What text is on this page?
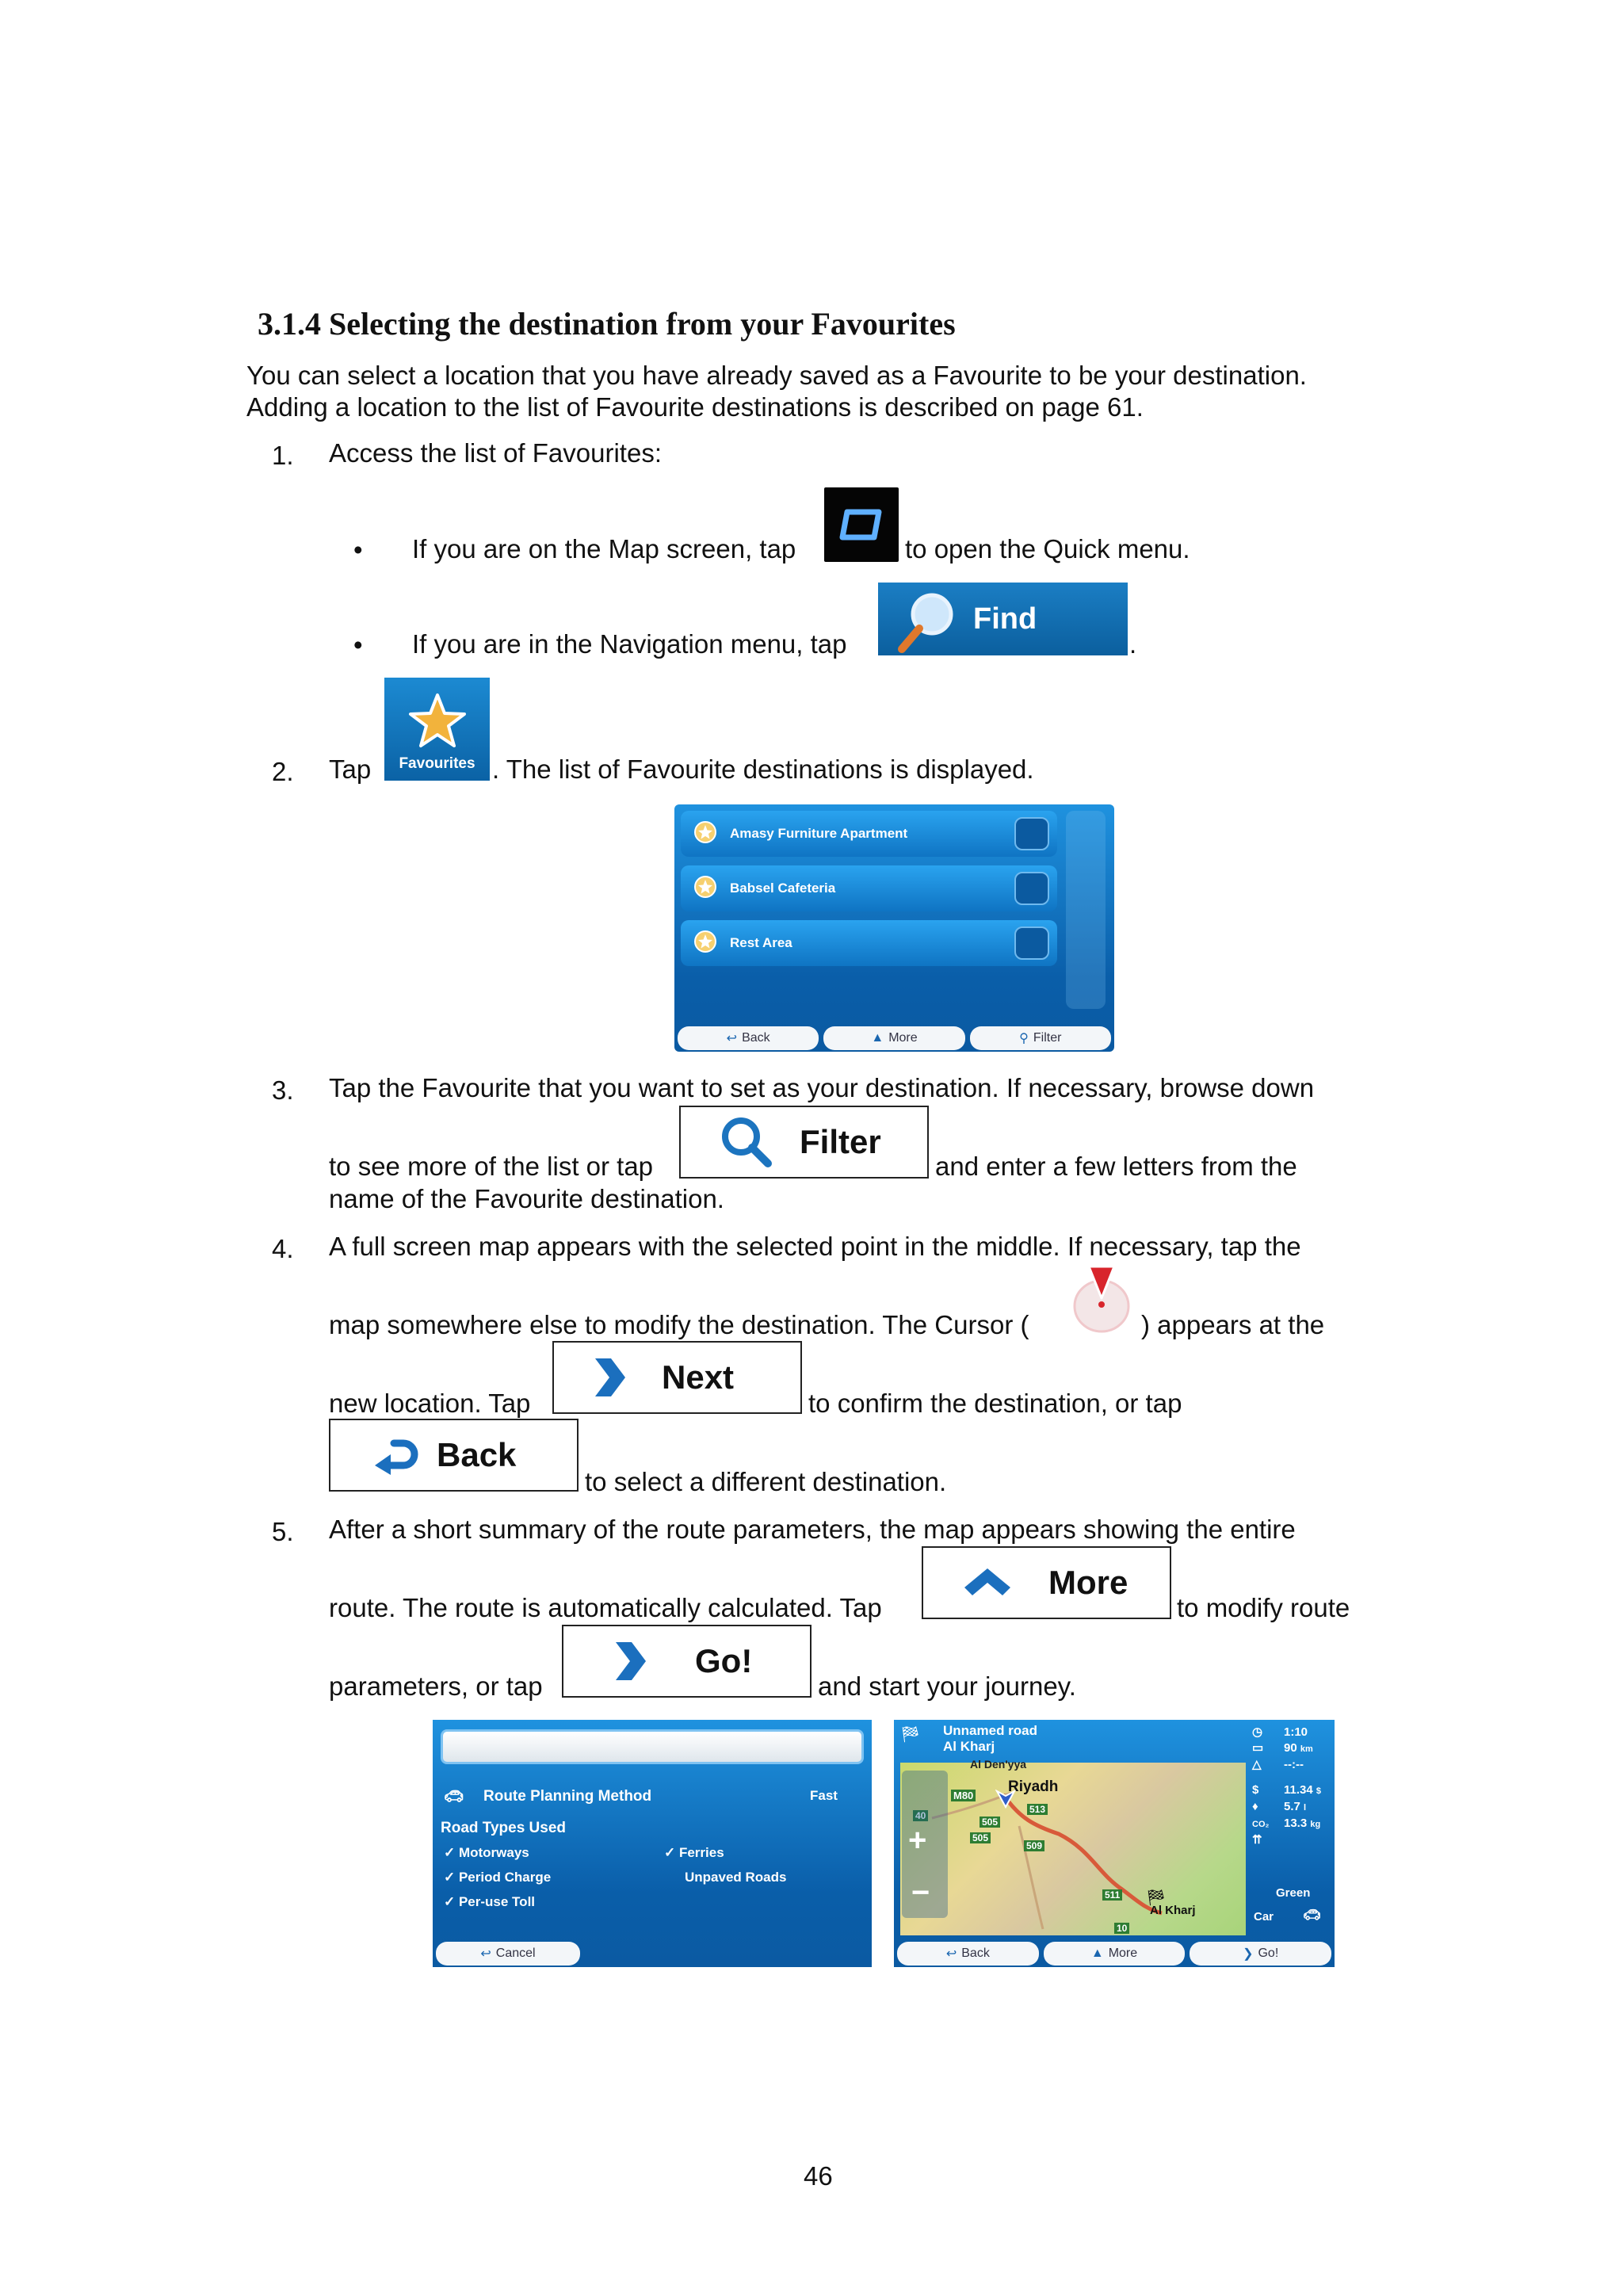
3.1.4 Selecting the destination from your Favourites
You can select a location that you have already saved as a Favourite to be your destination.
Adding a location to the list of Favourite destinations is described on page 61.
1. Access the list of Favourites:
• If you are on the Map screen, tap	to open the Quick menu.
• If you are in the Navigation menu, tap
Find
.
2. Tap Favourites . The list of Favourite destinations is displayed.
Amasy Furniture Apartment
Babsel Cafeteria
Rest Area
↩ Back	▲ More	⚲ Filter
3. Tap the Favourite that you want to set as your destination. If necessary, browse down
to see more of the list or tap
Filter
and enter a few letters from the
name of the Favourite destination.
4. A full screen map appears with the selected point in the middle. If necessary, tap the
map somewhere else to modify the destination. The Cursor (	) appears at the
new location. Tap
Next
to confirm the destination, or tap
Back
to select a different destination.
5. After a short summary of the route parameters, the map appears showing the entire
route. The route is automatically calculated. Tap
More
to modify route
parameters, or tap
Go!
and start your journey.
🚗︎ Route Planning Method	Fast
Road Types Used
✓ Motorways
✓ Period Charge
✓ Per-use Toll
✓ Ferries
Unpaved Roads
↩ Cancel
Al Den'yya
Riyadh
Al Kharj
M80
513
505
505
509
40
511
10
🏁︎
+
−
🏁︎ Unnamed road
Al Kharj
◷ 1:10
▭ 90 km
△ --:--
$ 11.34 $
♦ 5.7 l
CO₂ 13.3 kg
⇈
Green
Car 🚗︎
↩ Back	▲ More	❯ Go!
46
